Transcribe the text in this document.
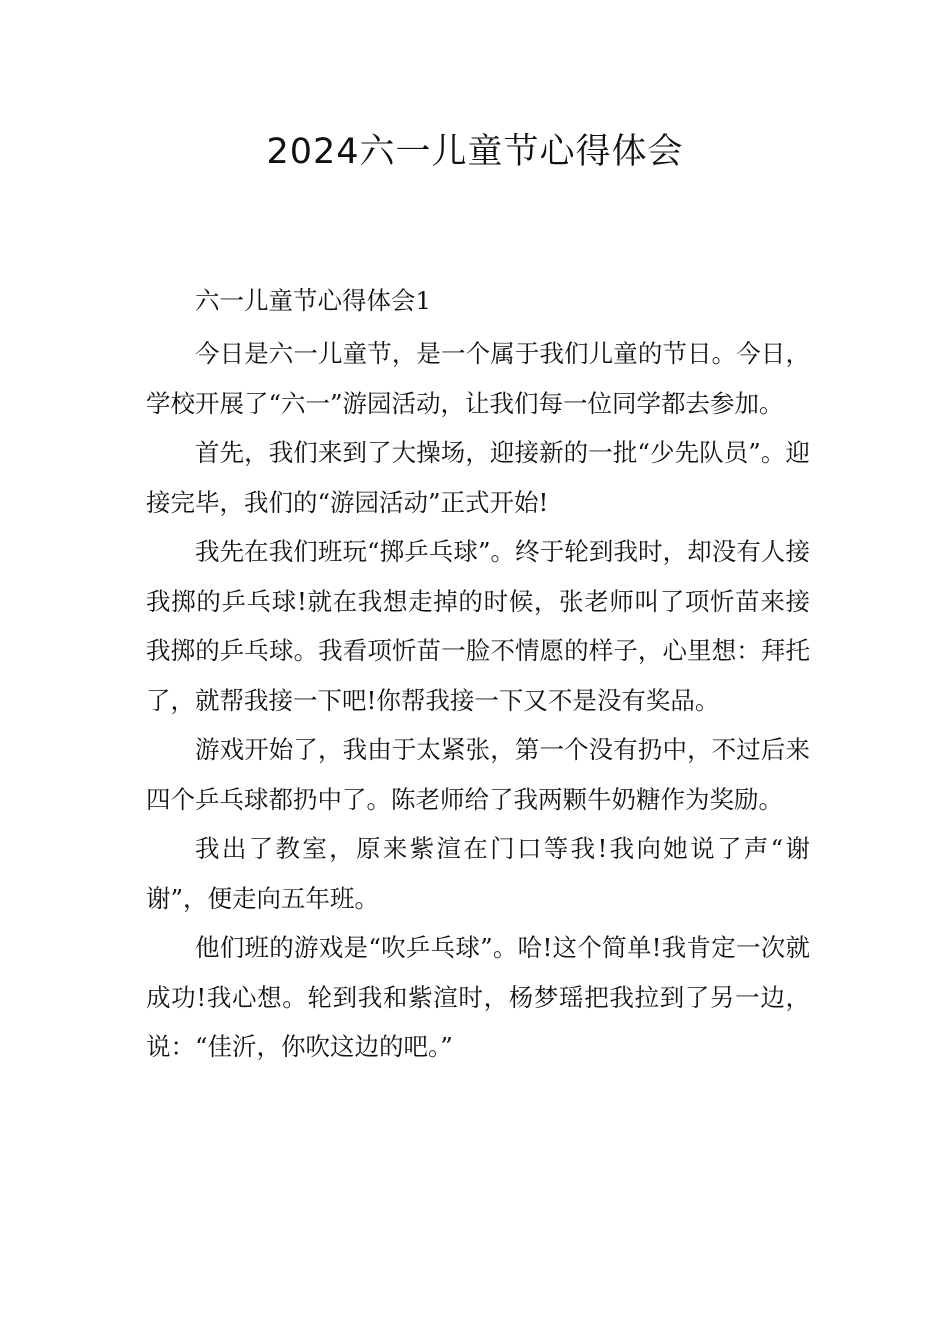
2024六一儿童节心得体会
六一儿童节心得体会1

今日是六一儿童节，是一个属于我们儿童的节日。今日，学校开展了“六一”游园活动，让我们每一位同学都去参加。

首先，我们来到了大操场，迎接新的一批“少先队员”。迎接完毕，我们的“游园活动”正式开始!

我先在我们班玩“掷乒乓球”。终于轮到我时，却没有人接我掷的乒乓球!就在我想走掉的时候，张老师叫了项忻苗来接我掷的乒乓球。我看项忻苗一脸不情愿的样子，心里想：拜托了，就帮我接一下吧!你帮我接一下又不是没有奖品。

游戏开始了，我由于太紧张，第一个没有扔中，不过后来四个乒乓球都扔中了。陈老师给了我两颗牛奶糖作为奖励。

我出了教室，原来紫渲在门口等我!我向她说了声“谢谢”，便走向五年班。

他们班的游戏是“吹乒乓球”。哈!这个简单!我肯定一次就成功!我心想。轮到我和紫渲时，杨梦瑶把我拉到了另一边，说：“佳沂，你吹这边的吧。”
